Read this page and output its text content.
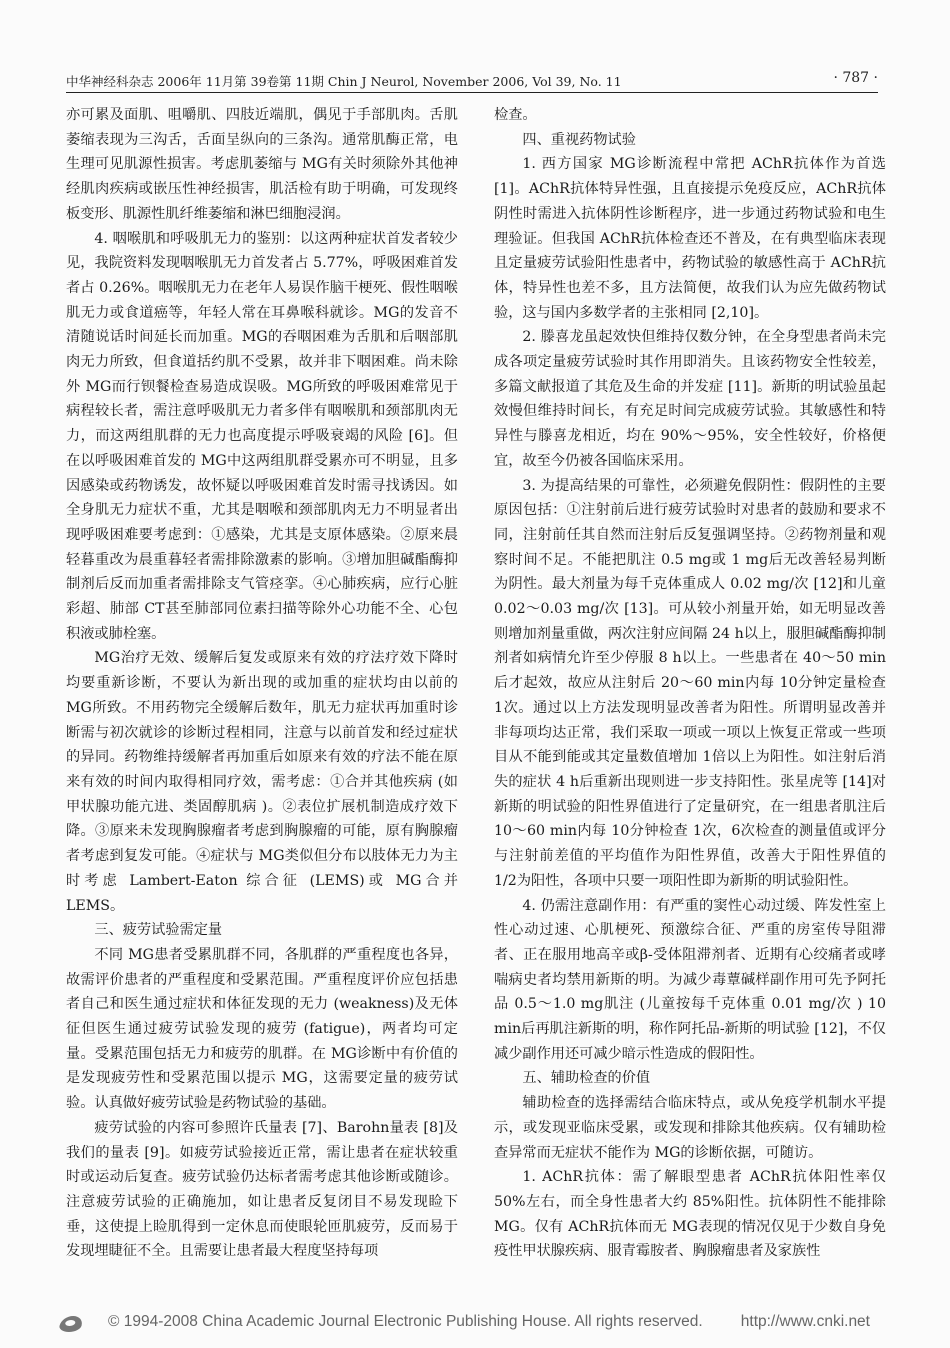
中华神经科杂志 2006年 11月第 39卷第 11期 Chin J Neurol, November 2006, Vol 39, No. 11	· 787 ·

亦可累及面肌、咀嚼肌、四肢近端肌，偶见于手部肌肉。舌肌萎缩表现为三沟舌，舌面呈纵向的三条沟。通常肌酶正常，电生理可见肌源性损害。考虑肌萎缩与 MG有关时须除外其他神经肌肉疾病或嵌压性神经损害，肌活检有助于明确，可发现终板变形、肌源性肌纤维萎缩和淋巴细胞浸润。

4. 咽喉肌和呼吸肌无力的鉴别：以这两种症状首发者较少见，我院资料发现咽喉肌无力首发者占 5.77%，呼吸困难首发者占 0.26%。咽喉肌无力在老年人易误作脑干梗死、假性咽喉肌无力或食道癌等，年轻人常在耳鼻喉科就诊。MG的发音不清随说话时间延长而加重。MG的吞咽困难为舌肌和后咽部肌肉无力所致，但食道括约肌不受累，故并非下咽困难。尚未除外 MG而行钡餐检查易造成误吸。MG所致的呼吸困难常见于病程较长者，需注意呼吸肌无力者多伴有咽喉肌和颈部肌肉无力，而这两组肌群的无力也高度提示呼吸衰竭的风险 [6]。但在以呼吸困难首发的 MG中这两组肌群受累亦可不明显，且多因感染或药物诱发，故怀疑以呼吸困难首发时需寻找诱因。如全身肌无力症状不重，尤其是咽喉和颈部肌肉无力不明显者出现呼吸困难要考虑到：①感染，尤其是支原体感染。②原来晨轻暮重改为晨重暮轻者需排除激素的影响。③增加胆碱酯酶抑制剂后反而加重者需排除支气管痉挛。④心肺疾病，应行心脏彩超、肺部 CT甚至肺部同位素扫描等除外心功能不全、心包积液或肺栓塞。

MG治疗无效、缓解后复发或原来有效的疗法疗效下降时均要重新诊断，不要认为新出现的或加重的症状均由以前的 MG所致。不用药物完全缓解后数年，肌无力症状再加重时诊断需与初次就诊的诊断过程相同，注意与以前首发和经过症状的异同。药物维持缓解者再加重后如原来有效的疗法不能在原来有效的时间内取得相同疗效，需考虑：①合并其他疾病 (如甲状腺功能亢进、类固醇肌病 )。②表位扩展机制造成疗效下降。③原来未发现胸腺瘤者考虑到胸腺瘤的可能，原有胸腺瘤者考虑到复发可能。④症状与 MG类似但分布以肢体无力为主时考虑 Lambert-Eaton 综合征 (LEMS)或 MG合并 LEMS。

三、疲劳试验需定量

不同 MG患者受累肌群不同，各肌群的严重程度也各异，故需评价患者的严重程度和受累范围。严重程度评价应包括患者自己和医生通过症状和体征发现的无力 (weakness)及无体征但医生通过疲劳试验发现的疲劳 (fatigue)，两者均可定量。受累范围包括无力和疲劳的肌群。在 MG诊断中有价值的是发现疲劳性和受累范围以提示 MG，这需要定量的疲劳试验。认真做好疲劳试验是药物试验的基础。

疲劳试验的内容可参照许氏量表 [7]、Barohn量表 [8]及我们的量表 [9]。如疲劳试验接近正常，需让患者在症状较重时或运动后复查。疲劳试验仍达标者需考虑其他诊断或随诊。注意疲劳试验的正确施加，如让患者反复闭目不易发现睑下垂，这使提上睑肌得到一定休息而使眼轮匝肌疲劳，反而易于发现埋睫征不全。且需要让患者最大程度坚持每项

检查。

四、重视药物试验

1. 西方国家 MG诊断流程中常把 AChR抗体作为首选 [1]。AChR抗体特异性强，且直接提示免疫反应，AChR抗体阴性时需进入抗体阴性诊断程序，进一步通过药物试验和电生理验证。但我国 AChR抗体检查还不普及，在有典型临床表现且定量疲劳试验阳性患者中，药物试验的敏感性高于 AChR抗体，特异性也差不多，且方法简便，故我们认为应先做药物试验，这与国内多数学者的主张相同 [2,10]。

2. 滕喜龙虽起效快但维持仅数分钟，在全身型患者尚未完成各项定量疲劳试验时其作用即消失。且该药物安全性较差，多篇文献报道了其危及生命的并发症 [11]。新斯的明试验虽起效慢但维持时间长，有充足时间完成疲劳试验。其敏感性和特异性与滕喜龙相近，均在 90%～95%，安全性较好，价格便宜，故至今仍被各国临床采用。

3. 为提高结果的可靠性，必须避免假阴性：假阴性的主要原因包括：①注射前后进行疲劳试验时对患者的鼓励和要求不同，注射前任其自然而注射后反复强调坚持。②药物剂量和观察时间不足。不能把肌注 0.5 mg或 1 mg后无改善轻易判断为阴性。最大剂量为每千克体重成人 0.02 mg/次 [12]和儿童 0.02～0.03 mg/次 [13]。可从较小剂量开始，如无明显改善则增加剂量重做，两次注射应间隔 24 h以上，服胆碱酯酶抑制剂者如病情允许至少停服 8 h以上。一些患者在 40～50 min后才起效，故应从注射后 20～60 min内每 10分钟定量检查 1次。通过以上方法发现明显改善者为阳性。所谓明显改善并非每项均达正常，我们采取一项或一项以上恢复正常或一些项目从不能到能或其定量数值增加 1倍以上为阳性。如注射后消失的症状 4 h后重新出现则进一步支持阳性。张星虎等 [14]对新斯的明试验的阳性界值进行了定量研究，在一组患者肌注后 10～60 min内每 10分钟检查 1次，6次检查的测量值或评分与注射前差值的平均值作为阳性界值，改善大于阳性界值的 1/2为阳性，各项中只要一项阳性即为新斯的明试验阳性。

4. 仍需注意副作用：有严重的窦性心动过缓、阵发性室上性心动过速、心肌梗死、预激综合征、严重的房室传导阻滞者、正在服用地高辛或β-受体阻滞剂者、近期有心绞痛者或哮喘病史者均禁用新斯的明。为减少毒蕈碱样副作用可先予阿托品 0.5～1.0 mg肌注 (儿童按每千克体重 0.01 mg/次 ) 10 min后再肌注新斯的明，称作阿托品-新斯的明试验 [12]，不仅减少副作用还可减少暗示性造成的假阳性。

五、辅助检查的价值

辅助检查的选择需结合临床特点，或从免疫学机制水平提示，或发现亚临床受累，或发现和排除其他疾病。仅有辅助检查异常而无症状不能作为 MG的诊断依据，可随访。

1. AChR抗体：需了解眼型患者 AChR抗体阳性率仅 50%左右，而全身性患者大约 85%阳性。抗体阴性不能排除 MG。仅有 AChR抗体而无 MG表现的情况仅见于少数自身免疫性甲状腺疾病、服青霉胺者、胸腺瘤患者及家族性

© 1994-2008 China Academic Journal Electronic Publishing House. All rights reserved. http://www.cnki.net
